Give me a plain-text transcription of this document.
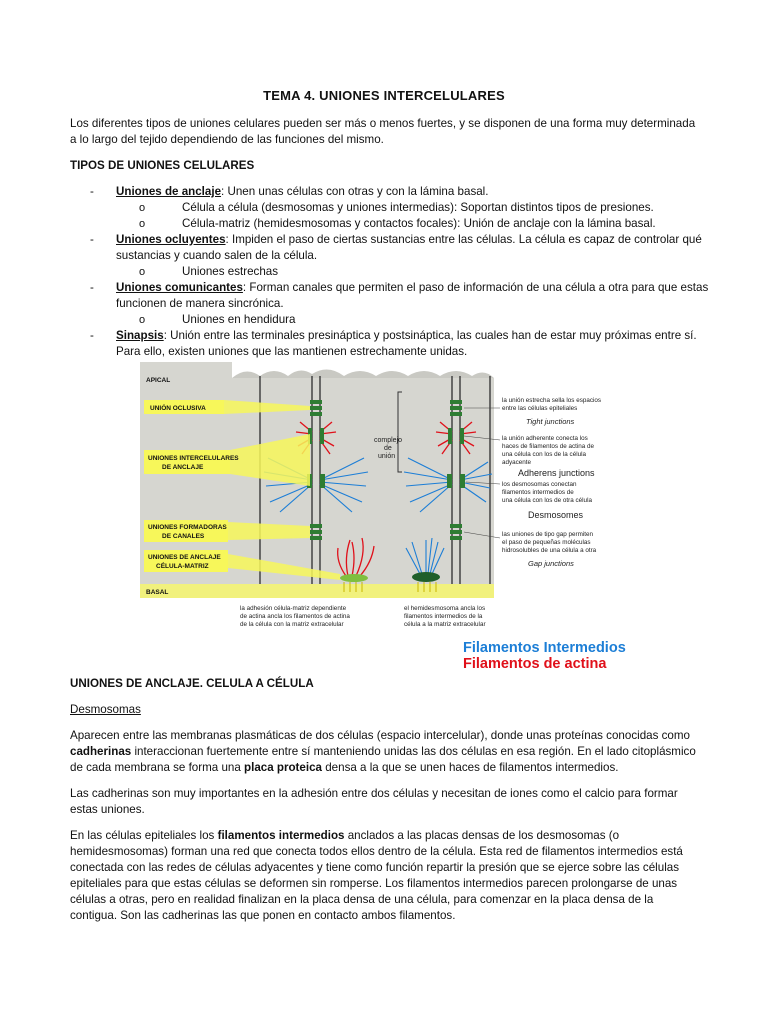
TEMA 4. UNIONES INTERCELULARES
Los diferentes tipos de uniones celulares pueden ser más o menos fuertes, y se disponen de una forma muy determinada a lo largo del tejido dependiendo de las funciones del mismo.
TIPOS DE UNIONES CELULARES
- Uniones de anclaje: Unen unas células con otras y con la lámina basal.
o	Célula a célula (desmosomas y uniones intermedias): Soportan distintos tipos de presiones.
o	Célula-matriz (hemidesmosomas y contactos focales): Unión de anclaje con la lámina basal.
- Uniones ocluyentes: Impiden el paso de ciertas sustancias entre las células. La célula es capaz de controlar qué sustancias y cuando salen de la célula.
o	Uniones estrechas
- Uniones comunicantes: Forman canales que permiten el paso de información de una célula a otra para que estas funcionen de manera sincrónica.
o	Uniones en hendidura
- Sinapsis: Unión entre las terminales presináptica y postsináptica, las cuales han de estar muy próximas entre sí. Para ello, existen uniones que las mantienen estrechamente unidas.
complejo
de
unión
APICAL
UNIÓN OCLUSIVA
UNIONES INTERCELULARES
DE ANCLAJE
UNIONES FORMADORAS
DE CANALES
UNIONES DE ANCLAJE
CÉLULA-MATRIZ
BASAL
la unión estrecha sella los espacios
entre las células epiteliales
Tight junctions
la unión adherente conecta los
haces de filamentos de actina de
una célula con los de la célula
adyacente
Adherens junctions
los desmosomas conectan
filamentos intermedios de
una célula con los de otra célula
Desmosomes
las uniones de tipo gap permiten
el paso de pequeñas moléculas
hidrosolubles de una célula a otra
Gap junctions
la adhesión célula-matriz dependiente
de actina ancla los filamentos de actina
de la célula con la matriz extracelular
el hemidesmosoma ancla los
filamentos intermedios de la
célula a la matriz extracelular
Filamentos Intermedios
Filamentos de actina
UNIONES DE ANCLAJE. CELULA A CÉLULA
Desmosomas
Aparecen entre las membranas plasmáticas de dos células (espacio intercelular), donde unas proteínas conocidas como cadherinas interaccionan fuertemente entre sí manteniendo unidas las dos células en esa región. En el lado citoplásmico de cada membrana se forma una placa proteica densa a la que se unen haces de filamentos intermedios.
Las cadherinas son muy importantes en la adhesión entre dos células y necesitan de iones como el calcio para formar estas uniones.
En las células epiteliales los filamentos intermedios anclados a las placas densas de los desmosomas (o hemidesmosomas) forman una red que conecta todos ellos dentro de la célula. Esta red de filamentos intermedios está conectada con las redes de células adyacentes y tiene como función repartir la presión que se ejerce sobre las células epiteliales para que estas células se deformen sin romperse. Los filamentos intermedios parecen prolongarse de unas células a otras, pero en realidad finalizan en la placa densa de una célula, para comenzar en la placa densa de la contigua. Son las cadherinas las que ponen en contacto ambos filamentos.
